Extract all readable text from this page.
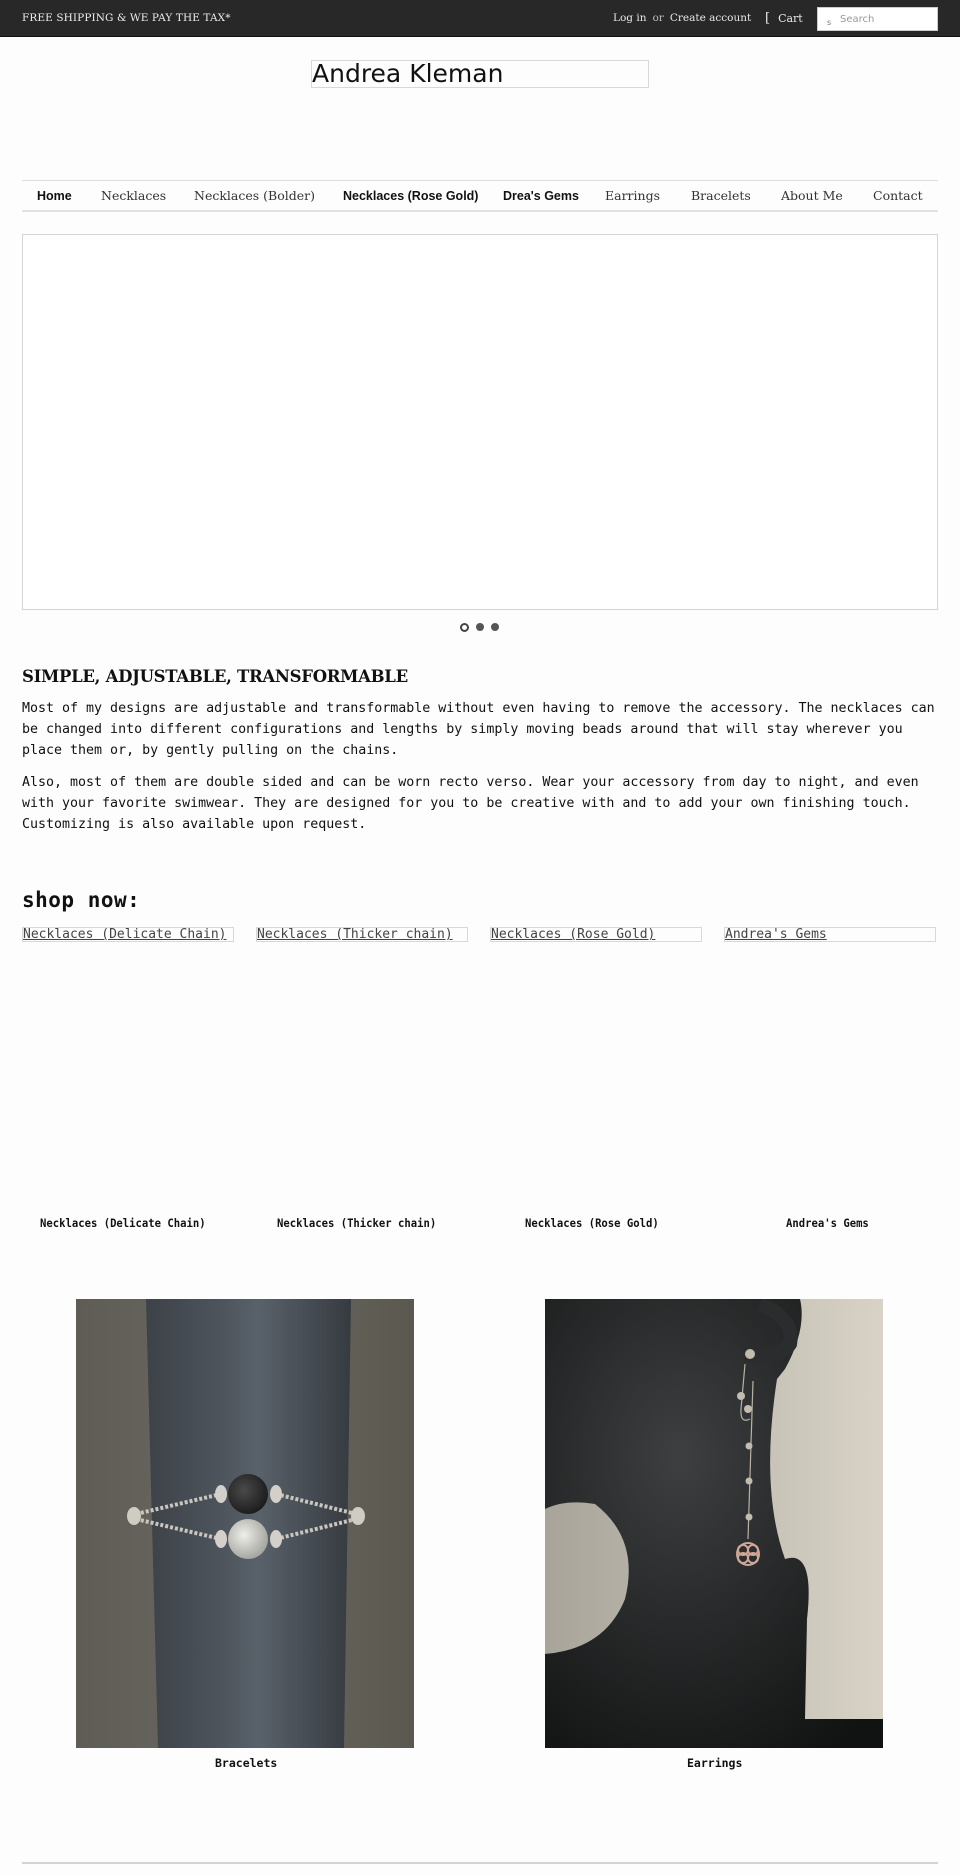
FREE SHIPPING & WE PAY THE TAX*	Log in or Create account [ Cart	s
Search
Andrea Kleman
Home Necklaces Necklaces (Bolder) Necklaces (Rose Gold) Drea's Gems Earrings Bracelets About Me Contact
SIMPLE, ADJUSTABLE, TRANSFORMABLE

Most of my designs are adjustable and transformable without even having to remove the accessory. The necklaces can be changed into different configurations and lengths by simply moving beads around that will stay wherever you place them or, by gently pulling on the chains.

Also, most of them are double sided and can be worn recto verso. Wear your accessory from day to night, and even with your favorite swimwear. They are designed for you to be creative with and to add your own finishing touch. Customizing is also available upon request.

shop now:
Necklaces (Delicate Chain)	Necklaces (Thicker chain)	Necklaces (Rose Gold)	Andrea's Gems
Necklaces (Delicate Chain)	Necklaces (Thicker chain)	Necklaces (Rose Gold)	Andrea's Gems
Bracelets	Earrings
